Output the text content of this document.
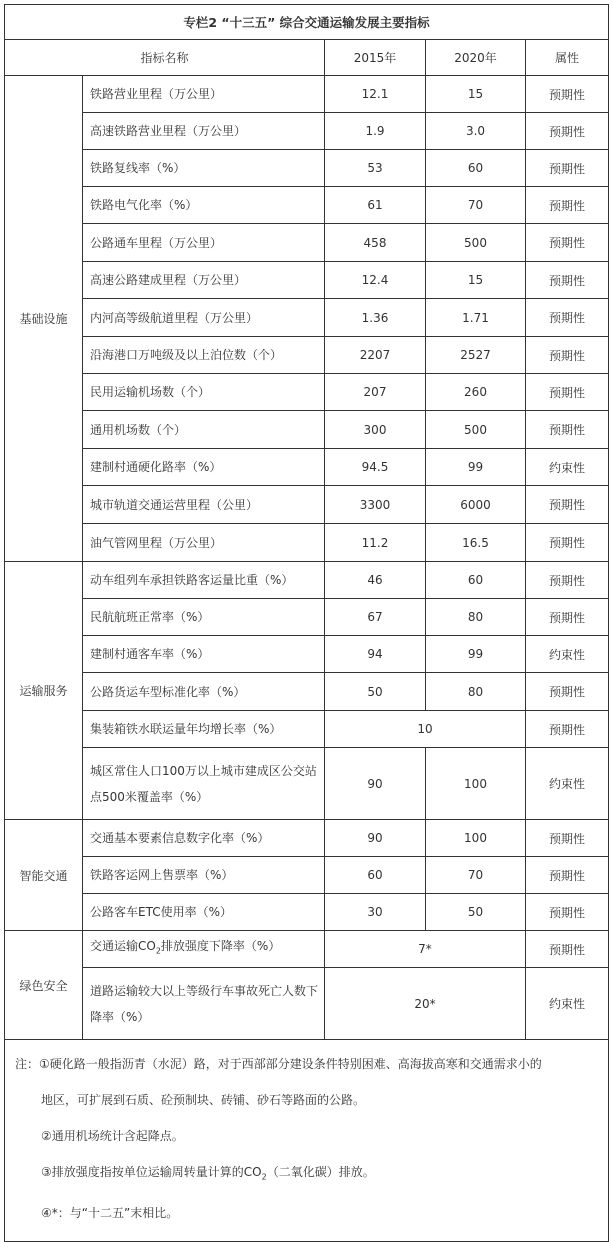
专栏2 “十三五” 综合交通运输发展主要指标				
指标名称		2015年	2020年	属性
基础设施	铁路营业里程（万公里）	12.1	15	预期性
	高速铁路营业里程（万公里）	1.9	3.0	预期性
	铁路复线率（%）	53	60	预期性
	铁路电气化率（%）	61	70	预期性
	公路通车里程（万公里）	458	500	预期性
	高速公路建成里程（万公里）	12.4	15	预期性
	内河高等级航道里程（万公里）	1.36	1.71	预期性
	沿海港口万吨级及以上泊位数（个）	2207	2527	预期性
	民用运输机场数（个）	207	260	预期性
	通用机场数（个）	300	500	预期性
	建制村通硬化路率（%）	94.5	99	约束性
	城市轨道交通运营里程（公里）	3300	6000	预期性
	油气管网里程（万公里）	11.2	16.5	预期性
运输服务	动车组列车承担铁路客运量比重（%）	46	60	预期性
	民航航班正常率（%）	67	80	预期性
	建制村通客车率（%）	94	99	约束性
	公路货运车型标准化率（%）	50	80	预期性
	集装箱铁水联运量年均增长率（%）	10		预期性
	城区常住人口100万以上城市建成区公交站点500米覆盖率（%）	90	100	约束性
智能交通	交通基本要素信息数字化率（%）	90	100	预期性
	铁路客运网上售票率（%）	60	70	预期性
	公路客车ETC使用率（%）	30	50	预期性
绿色安全	交通运输$CO_2$排放强度下降率（%）	7*		预期性
	道路运输较大以上等级行车事故死亡人数下降率（%）	20*		约束性

注：①硬化路一般指沥青（水泥）路，对于西部部分建设条件特别困难、高海拔高寒和交通需求小的
地区，可扩展到石质、砼预制块、砖铺、砂石等路面的公路。
②通用机场统计含起降点。
③排放强度指按单位运输周转量计算的$CO_2$（二氧化碳）排放。
④*：与“十二五”末相比。				
